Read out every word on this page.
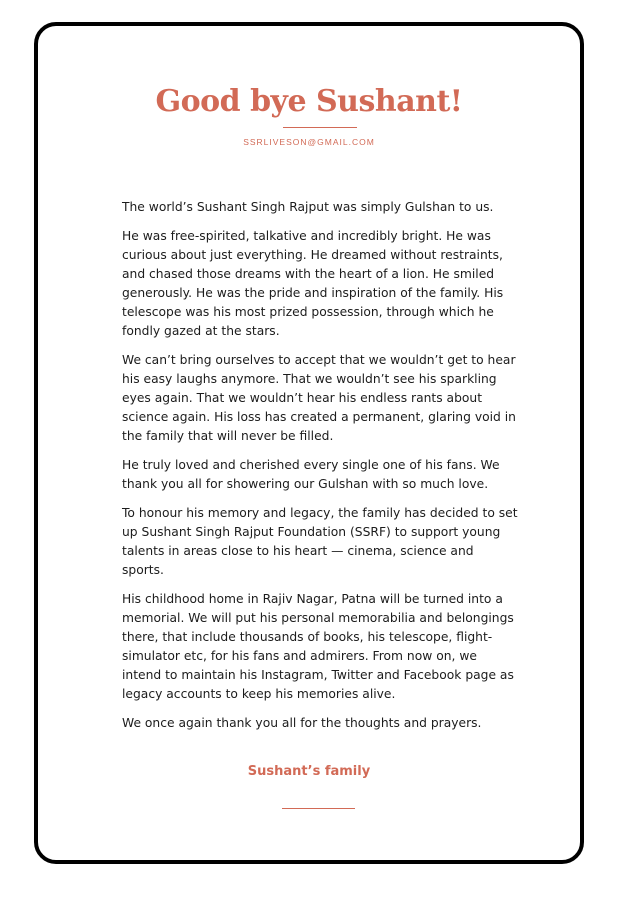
Good bye Sushant!
SSRLIVESON@GMAIL.COM

The world’s Sushant Singh Rajput was simply Gulshan to us.

He was free-spirited, talkative and incredibly bright. He was curious about just everything. He dreamed without restraints, and chased those dreams with the heart of a lion. He smiled generously. He was the pride and inspiration of the family. His telescope was his most prized possession, through which he fondly gazed at the stars.

We can’t bring ourselves to accept that we wouldn’t get to hear his easy laughs anymore. That we wouldn’t see his sparkling eyes again. That we wouldn’t hear his endless rants about science again. His loss has created a permanent, glaring void in the family that will never be filled.

He truly loved and cherished every single one of his fans. We thank you all for showering our Gulshan with so much love.

To honour his memory and legacy, the family has decided to set up Sushant Singh Rajput Foundation (SSRF) to support young talents in areas close to his heart — cinema, science and sports.

His childhood home in Rajiv Nagar, Patna will be turned into a memorial. We will put his personal memorabilia and belongings there, that include thousands of books, his telescope, flight-simulator etc, for his fans and admirers. From now on, we intend to maintain his Instagram, Twitter and Facebook page as legacy accounts to keep his memories alive.

We once again thank you all for the thoughts and prayers.

Sushant’s family
